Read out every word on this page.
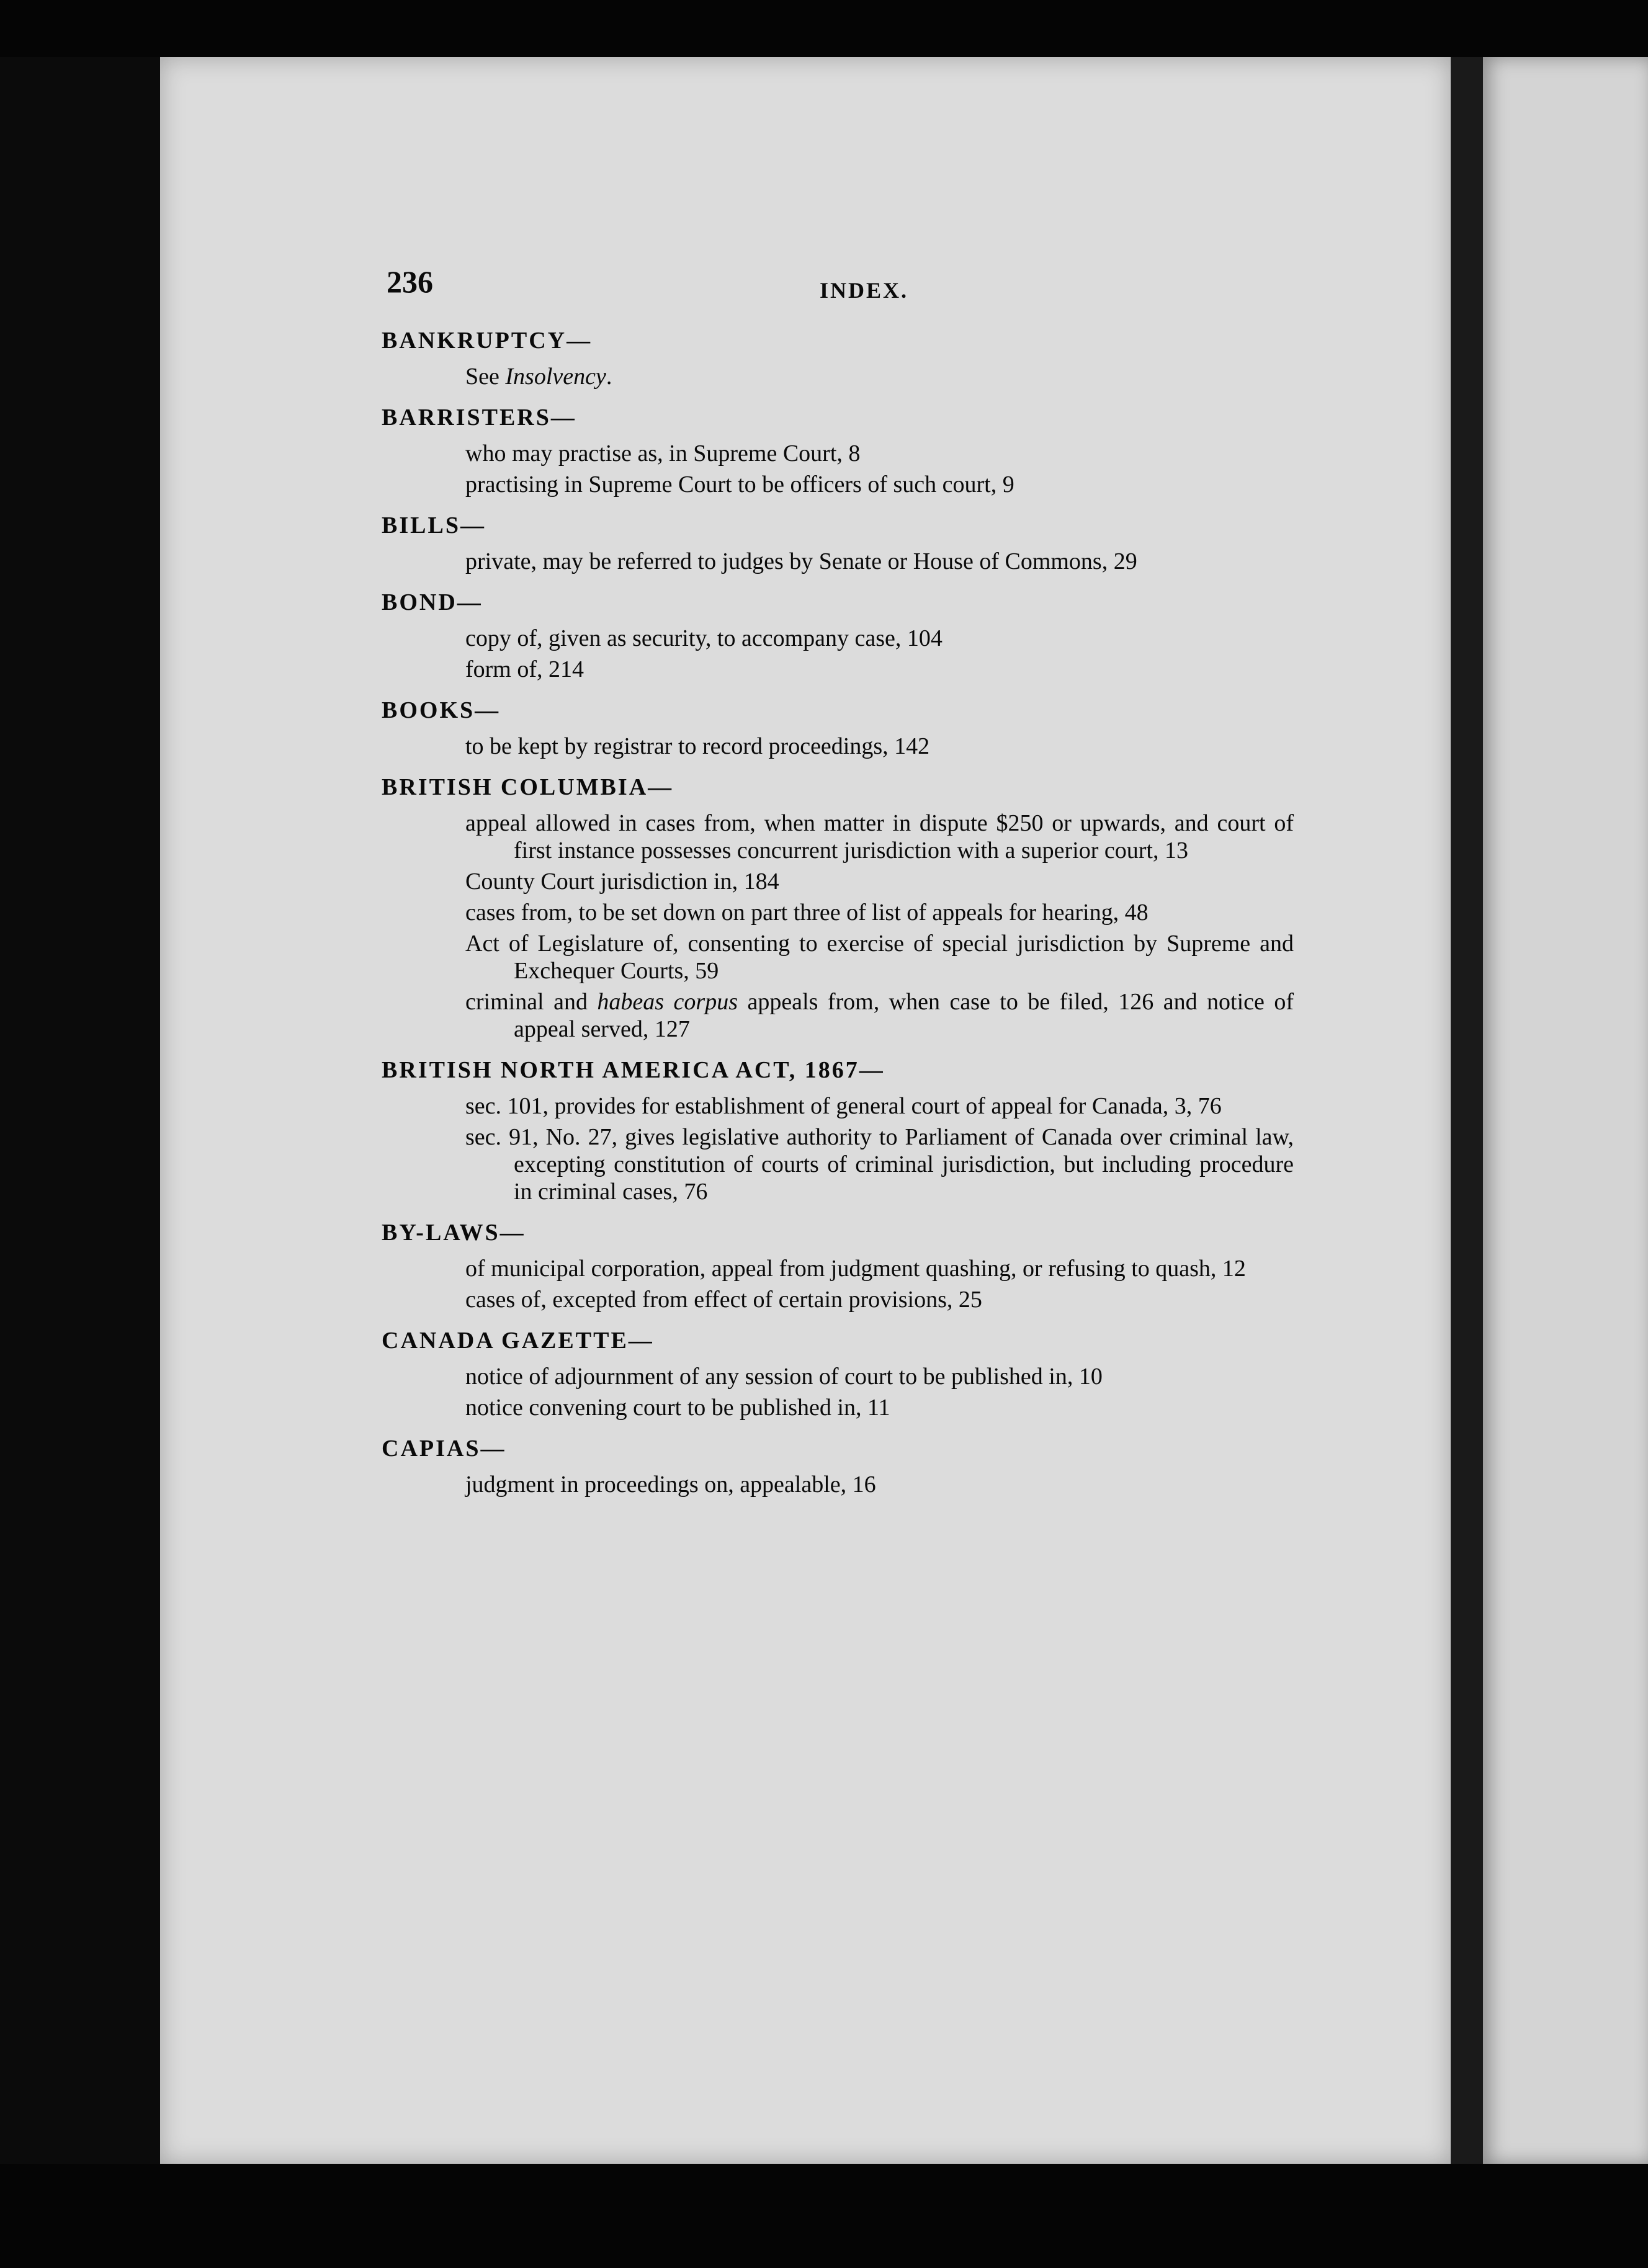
236	INDEX.
BANKRUPTCY—
See Insolvency.
BARRISTERS—
who may practise as, in Supreme Court, 8
practising in Supreme Court to be officers of such court, 9
BILLS—
private, may be referred to judges by Senate or House of Commons, 29
BOND—
copy of, given as security, to accompany case, 104
form of, 214
BOOKS—
to be kept by registrar to record proceedings, 142
BRITISH COLUMBIA—
appeal allowed in cases from, when matter in dispute $250 or upwards, and court of first instance possesses concurrent jurisdiction with a superior court, 13
County Court jurisdiction in, 184
cases from, to be set down on part three of list of appeals for hearing, 48
Act of Legislature of, consenting to exercise of special jurisdiction by Supreme and Exchequer Courts, 59
criminal and habeas corpus appeals from, when case to be filed, 126 and notice of appeal served, 127
BRITISH NORTH AMERICA ACT, 1867—
sec. 101, provides for establishment of general court of appeal for Canada, 3, 76
sec. 91, No. 27, gives legislative authority to Parliament of Canada over criminal law, excepting constitution of courts of criminal jurisdiction, but including procedure in criminal cases, 76
BY-LAWS—
of municipal corporation, appeal from judgment quashing, or refusing to quash, 12
cases of, excepted from effect of certain provisions, 25
CANADA GAZETTE—
notice of adjournment of any session of court to be published in, 10
notice convening court to be published in, 11
CAPIAS—
judgment in proceedings on, appealable, 16
